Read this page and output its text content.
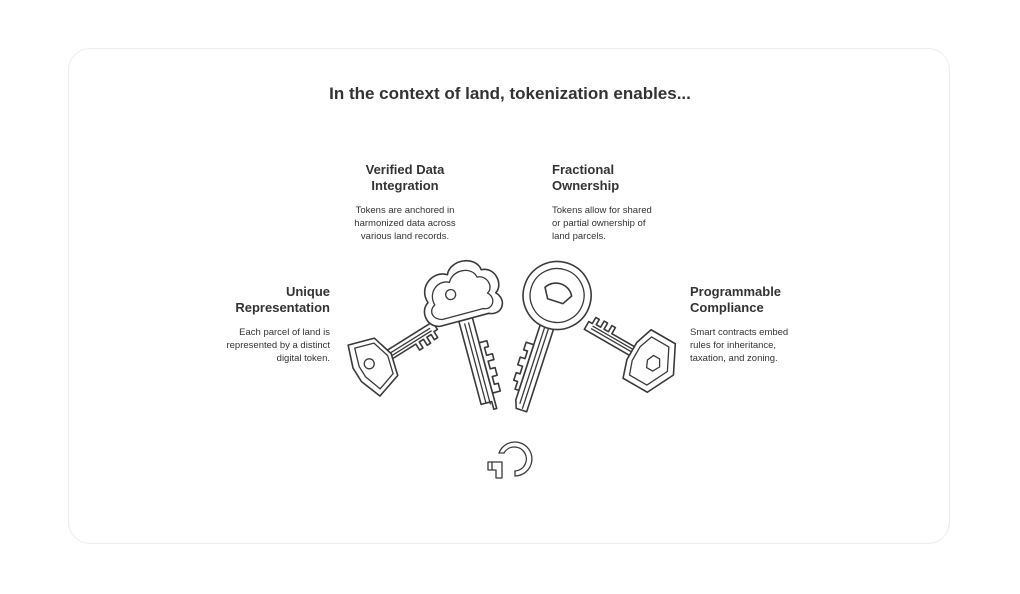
In the context of land, tokenization enables...
Unique
Representation

Each parcel of land is
represented by a distinct
digital token.

Verified Data
Integration

Tokens are anchored in
harmonized data across
various land records.

Fractional
Ownership

Tokens allow for shared
or partial ownership of
land parcels.

Programmable
Compliance

Smart contracts embed
rules for inheritance,
taxation, and zoning.
